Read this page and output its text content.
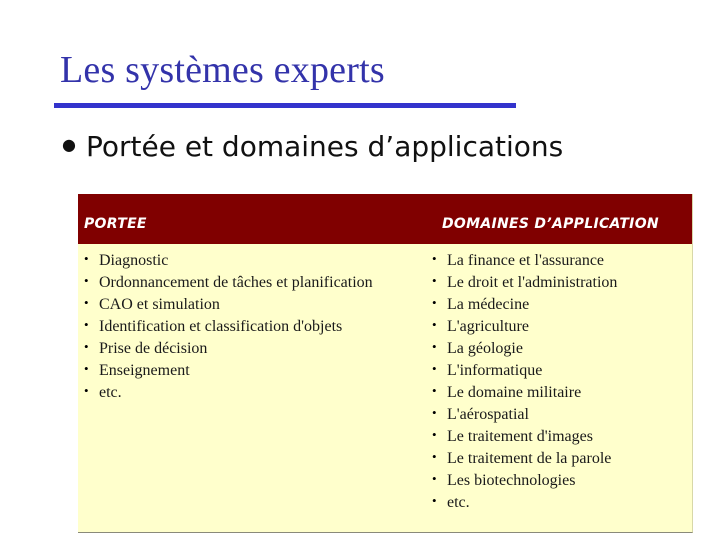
Les systèmes experts
● Portée et domaines d’applications
PORTEE	DOMAINES D’APPLICATION
• Diagnostic
• Ordonnancement de tâches et planification
• CAO et simulation
• Identification et classification d'objets
• Prise de décision
• Enseignement
• etc.
• La finance et l'assurance
• Le droit et l'administration
• La médecine
• L'agriculture
• La géologie
• L'informatique
• Le domaine militaire
• L'aérospatial
• Le traitement d'images
• Le traitement de la parole
• Les biotechnologies
• etc.
